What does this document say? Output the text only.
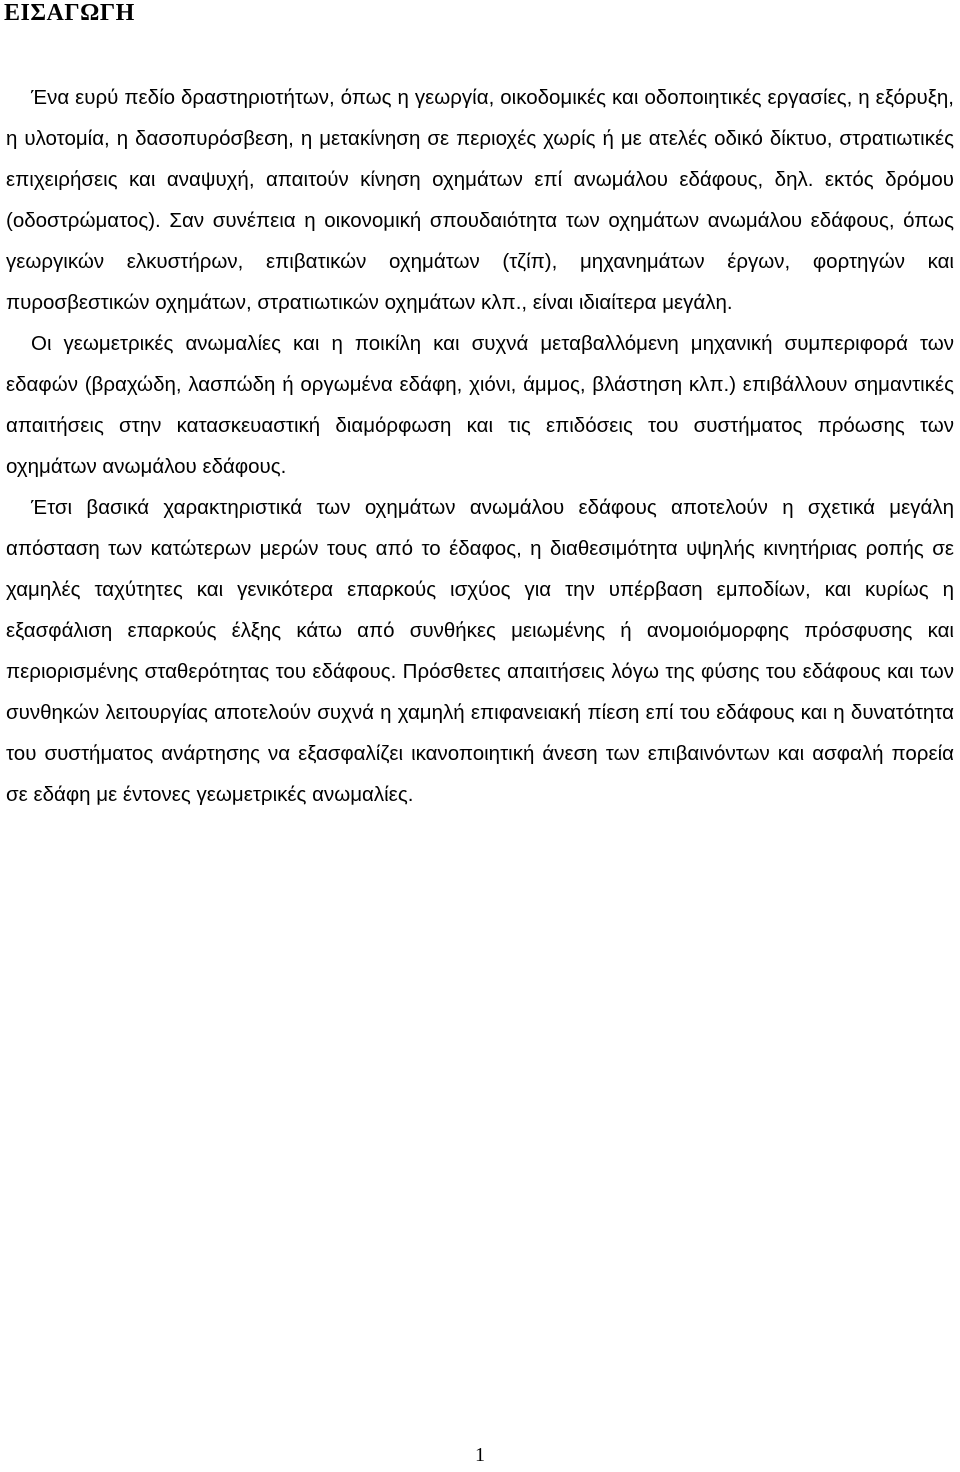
ΕΙΣΑΓΩΓΗ

Ένα ευρύ πεδίο δραστηριοτήτων, όπως η γεωργία, οικοδομικές και οδοποιητικές εργασίες, η εξόρυξη, η υλοτομία, η δασοπυρόσβεση, η μετακίνηση σε περιοχές χωρίς ή με ατελές οδικό δίκτυο, στρατιωτικές επιχειρήσεις και αναψυχή, απαιτούν κίνηση οχημάτων επί ανωμάλου εδάφους, δηλ. εκτός δρόμου (οδοστρώματος). Σαν συνέπεια η οικονομική σπουδαιότητα των οχημάτων ανωμάλου εδάφους, όπως γεωργικών ελκυστήρων, επιβατικών οχημάτων (τζίπ), μηχανημάτων έργων, φορτηγών και πυροσβεστικών οχημάτων, στρατιωτικών οχημάτων κλπ., είναι ιδιαίτερα μεγάλη.

Οι γεωμετρικές ανωμαλίες και η ποικίλη και συχνά μεταβαλλόμενη μηχανική συμπεριφορά των εδαφών (βραχώδη, λασπώδη ή οργωμένα εδάφη, χιόνι, άμμος, βλάστηση κλπ.) επιβάλλουν σημαντικές απαιτήσεις στην κατασκευαστική διαμόρφωση και τις επιδόσεις του συστήματος πρόωσης των οχημάτων ανωμάλου εδάφους.

Έτσι βασικά χαρακτηριστικά των οχημάτων ανωμάλου εδάφους αποτελούν η σχετικά μεγάλη απόσταση των κατώτερων μερών τους από το έδαφος, η διαθεσιμότητα υψηλής κινητήριας ροπής σε χαμηλές ταχύτητες και γενικότερα επαρκούς ισχύος για την υπέρβαση εμποδίων, και κυρίως η εξασφάλιση επαρκούς έλξης κάτω από συνθήκες μειωμένης ή ανομοιόμορφης πρόσφυσης και περιορισμένης σταθερότητας του εδάφους. Πρόσθετες απαιτήσεις λόγω της φύσης του εδάφους και των συνθηκών λειτουργίας αποτελούν συχνά η χαμηλή επιφανειακή πίεση επί του εδάφους και η δυνατότητα του συστήματος ανάρτησης να εξασφαλίζει ικανοποιητική άνεση των επιβαινόντων και ασφαλή πορεία σε εδάφη με έντονες γεωμετρικές ανωμαλίες.

1
